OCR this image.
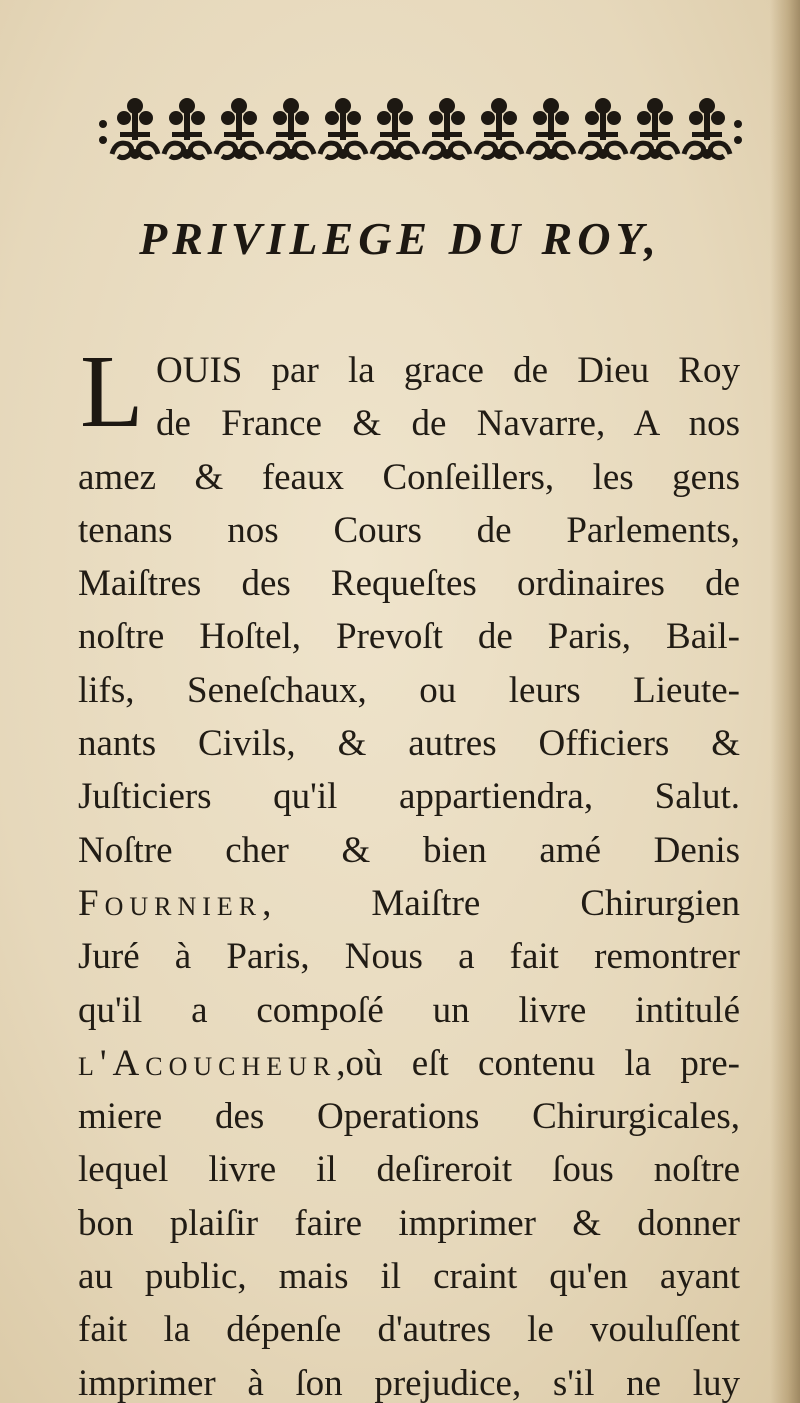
PRIVILEGE DU ROY,
L OUIS par la grace de Dieu Roy
de France & de Navarre, A nos
amez & feaux Conſeillers, les gens
tenans nos Cours de Parlements,
Maiſtres des Requeſtes ordinaires de
noſtre Hoſtel, Prevoſt de Paris, Bail-
lifs, Seneſchaux, ou leurs Lieute-
nants Civils, & autres Officiers &
Juſticiers qu'il appartiendra, Salut.
Noſtre cher & bien amé Denis
Fournier, Maiſtre Chirurgien
Juré à Paris, Nous a fait remontrer
qu'il a compoſé un livre intitulé
l'Acoucheur,où eſt contenu la pre-
miere des Operations Chirurgicales,
lequel livre il deſireroit ſous noſtre
bon plaiſir faire imprimer & donner
au public, mais il craint qu'en ayant
fait la dépenſe d'autres le vouluſſent
imprimer à ſon prejudice, s'il ne luy
